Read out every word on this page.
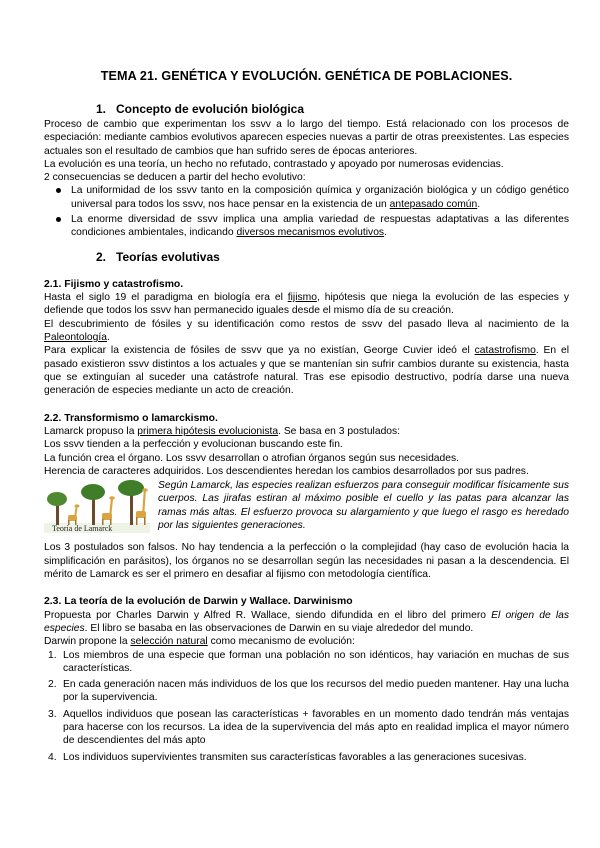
TEMA 21. GENÉTICA Y EVOLUCIÓN. GENÉTICA DE POBLACIONES.
1. Concepto de evolución biológica

Proceso de cambio que experimentan los ssvv a lo largo del tiempo. Está relacionado con los procesos de especiación: mediante cambios evolutivos aparecen especies nuevas a partir de otras preexistentes. Las especies actuales son el resultado de cambios que han sufrido seres de épocas anteriores.

La evolución es una teoría, un hecho no refutado, contrastado y apoyado por numerosas evidencias.

2 consecuencias se deducen a partir del hecho evolutivo:

La uniformidad de los ssvv tanto en la composición química y organización biológica y un código genético universal para todos los ssvv, nos hace pensar en la existencia de un antepasado común.
La enorme diversidad de ssvv implica una amplia variedad de respuestas adaptativas a las diferentes condiciones ambientales, indicando diversos mecanismos evolutivos.
2. Teorías evolutivas
2.1. Fijismo y catastrofismo.

Hasta el siglo 19 el paradigma en biología era el fijismo, hipótesis que niega la evolución de las especies y defiende que todos los ssvv han permanecido iguales desde el mismo día de su creación.

El descubrimiento de fósiles y su identificación como restos de ssvv del pasado lleva al nacimiento de la Paleontología.

Para explicar la existencia de fósiles de ssvv que ya no existían, George Cuvier ideó el catastrofismo. En el pasado existieron ssvv distintos a los actuales y que se mantenían sin sufrir cambios durante su existencia, hasta que se extinguían al suceder una catástrofe natural. Tras ese episodio destructivo, podría darse una nueva generación de especies mediante un acto de creación.

2.2. Transformismo o lamarckismo.

Lamarck propuso la primera hipótesis evolucionista. Se basa en 3 postulados:

Los ssvv tienden a la perfección y evolucionan buscando este fin.

La función crea el órgano. Los ssvv desarrollan o atrofian órganos según sus necesidades.

Herencia de caracteres adquiridos. Los descendientes heredan los cambios desarrollados por sus padres.

Teoría de Lamarck

Según Lamarck, las especies realizan esfuerzos para conseguir modificar físicamente sus cuerpos. Las jirafas estiran al máximo posible el cuello y las patas para alcanzar las ramas más altas. El esfuerzo provoca su alargamiento y que luego el rasgo es heredado por las siguientes generaciones.

Los 3 postulados son falsos. No hay tendencia a la perfección o la complejidad (hay caso de evolución hacia la simplificación en parásitos), los órganos no se desarrollan según las necesidades ni pasan a la descendencia. El mérito de Lamarck es ser el primero en desafiar al fijismo con metodología científica.

2.3. La teoría de la evolución de Darwin y Wallace. Darwinismo

Propuesta por Charles Darwin y Alfred R. Wallace, siendo difundida en el libro del primero El origen de las especies. El libro se basaba en las observaciones de Darwin en su viaje alrededor del mundo.

Darwin propone la selección natural como mecanismo de evolución:

1. Los miembros de una especie que forman una población no son idénticos, hay variación en muchas de sus características.
2. En cada generación nacen más individuos de los que los recursos del medio pueden mantener. Hay una lucha por la supervivencia.
3. Aquellos individuos que posean las características + favorables en un momento dado tendrán más ventajas para hacerse con los recursos. La idea de la supervivencia del más apto en realidad implica el mayor número de descendientes del más apto
4. Los individuos supervivientes transmiten sus características favorables a las generaciones sucesivas.
